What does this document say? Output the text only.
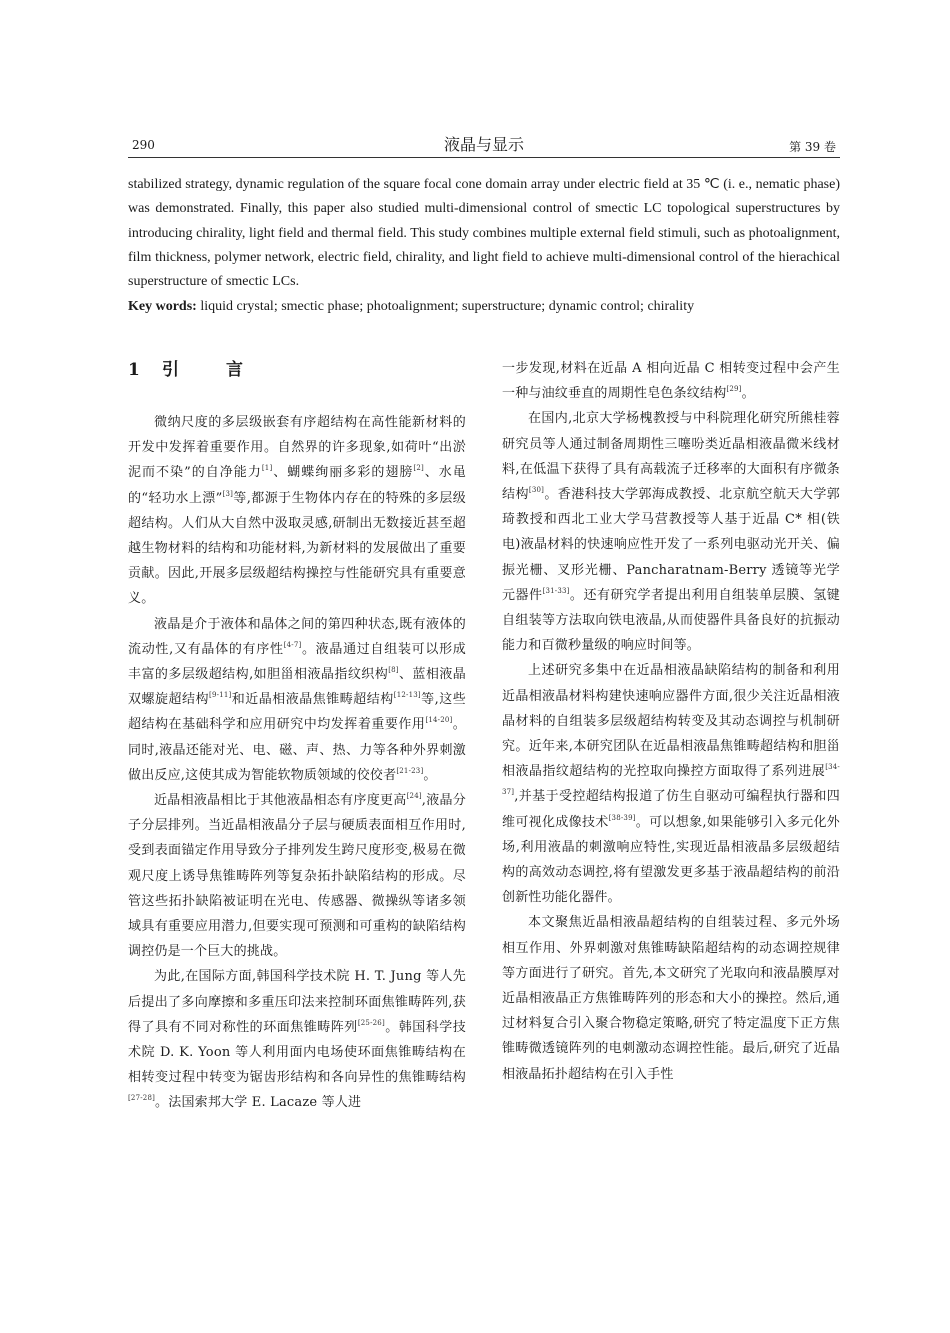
290	液晶与显示	第 39 卷

stabilized strategy, dynamic regulation of the square focal cone domain array under electric field at 35 ℃ (i. e., nematic phase) was demonstrated. Finally, this paper also studied multi-dimensional control of smectic LC topological superstructures by introducing chirality, light field and thermal field. This study combines multiple external field stimuli, such as photoalignment, film thickness, polymer network, electric field, chirality, and light field to achieve multi-dimensional control of the hierachical superstructure of smectic LCs.

Key words: liquid crystal; smectic phase; photoalignment; superstructure; dynamic control; chirality
1 引	言

微纳尺度的多层级嵌套有序超结构在高性能新材料的开发中发挥着重要作用。自然界的许多现象,如荷叶“出淤泥而不染”的自净能力[1]、蝴蝶绚丽多彩的翅膀[2]、水黾的“轻功水上漂”[3]等,都源于生物体内存在的特殊的多层级超结构。人们从大自然中汲取灵感,研制出无数接近甚至超越生物材料的结构和功能材料,为新材料的发展做出了重要贡献。因此,开展多层级超结构操控与性能研究具有重要意义。

液晶是介于液体和晶体之间的第四种状态,既有液体的流动性,又有晶体的有序性[4-7]。液晶通过自组装可以形成丰富的多层级超结构,如胆甾相液晶指纹织构[8]、蓝相液晶双螺旋超结构[9-11]和近晶相液晶焦锥畴超结构[12-13]等,这些超结构在基础科学和应用研究中均发挥着重要作用[14-20]。同时,液晶还能对光、电、磁、声、热、力等各种外界刺激做出反应,这使其成为智能软物质领域的佼佼者[21-23]。

近晶相液晶相比于其他液晶相态有序度更高[24],液晶分子分层排列。当近晶相液晶分子层与硬质表面相互作用时,受到表面锚定作用导致分子排列发生跨尺度形变,极易在微观尺度上诱导焦锥畴阵列等复杂拓扑缺陷结构的形成。尽管这些拓扑缺陷被证明在光电、传感器、微操纵等诸多领域具有重要应用潜力,但要实现可预测和可重构的缺陷结构调控仍是一个巨大的挑战。

为此,在国际方面,韩国科学技术院 H. T. Jung 等人先后提出了多向摩擦和多重压印法来控制环面焦锥畴阵列,获得了具有不同对称性的环面焦锥畴阵列[25-26]。韩国科学技术院 D. K. Yoon 等人利用面内电场使环面焦锥畴结构在相转变过程中转变为锯齿形结构和各向异性的焦锥畴结构[27-28]。法国索邦大学 E. Lacaze 等人进

一步发现,材料在近晶 A 相向近晶 C 相转变过程中会产生一种与油纹垂直的周期性皂色条纹结构[29]。

在国内,北京大学杨槐教授与中科院理化研究所熊桂蓉研究员等人通过制备周期性三噻吩类近晶相液晶微米线材料,在低温下获得了具有高载流子迁移率的大面积有序微条结构[30]。香港科技大学郭海成教授、北京航空航天大学郭琦教授和西北工业大学马营教授等人基于近晶 C* 相(铁电)液晶材料的快速响应性开发了一系列电驱动光开关、偏振光栅、叉形光栅、Pancharatnam-Berry 透镜等光学元器件[31-33]。还有研究学者提出利用自组装单层膜、氢键自组装等方法取向铁电液晶,从而使器件具备良好的抗振动能力和百微秒量级的响应时间等。

上述研究多集中在近晶相液晶缺陷结构的制备和利用近晶相液晶材料构建快速响应器件方面,很少关注近晶相液晶材料的自组装多层级超结构转变及其动态调控与机制研究。近年来,本研究团队在近晶相液晶焦锥畴超结构和胆甾相液晶指纹超结构的光控取向操控方面取得了系列进展[34-37],并基于受控超结构报道了仿生自驱动可编程执行器和四维可视化成像技术[38-39]。可以想象,如果能够引入多元化外场,利用液晶的刺激响应特性,实现近晶相液晶多层级超结构的高效动态调控,将有望激发更多基于液晶超结构的前沿创新性功能化器件。

本文聚焦近晶相液晶超结构的自组装过程、多元外场相互作用、外界刺激对焦锥畴缺陷超结构的动态调控规律等方面进行了研究。首先,本文研究了光取向和液晶膜厚对近晶相液晶正方焦锥畴阵列的形态和大小的操控。然后,通过材料复合引入聚合物稳定策略,研究了特定温度下正方焦锥畴微透镜阵列的电刺激动态调控性能。最后,研究了近晶相液晶拓扑超结构在引入手性
